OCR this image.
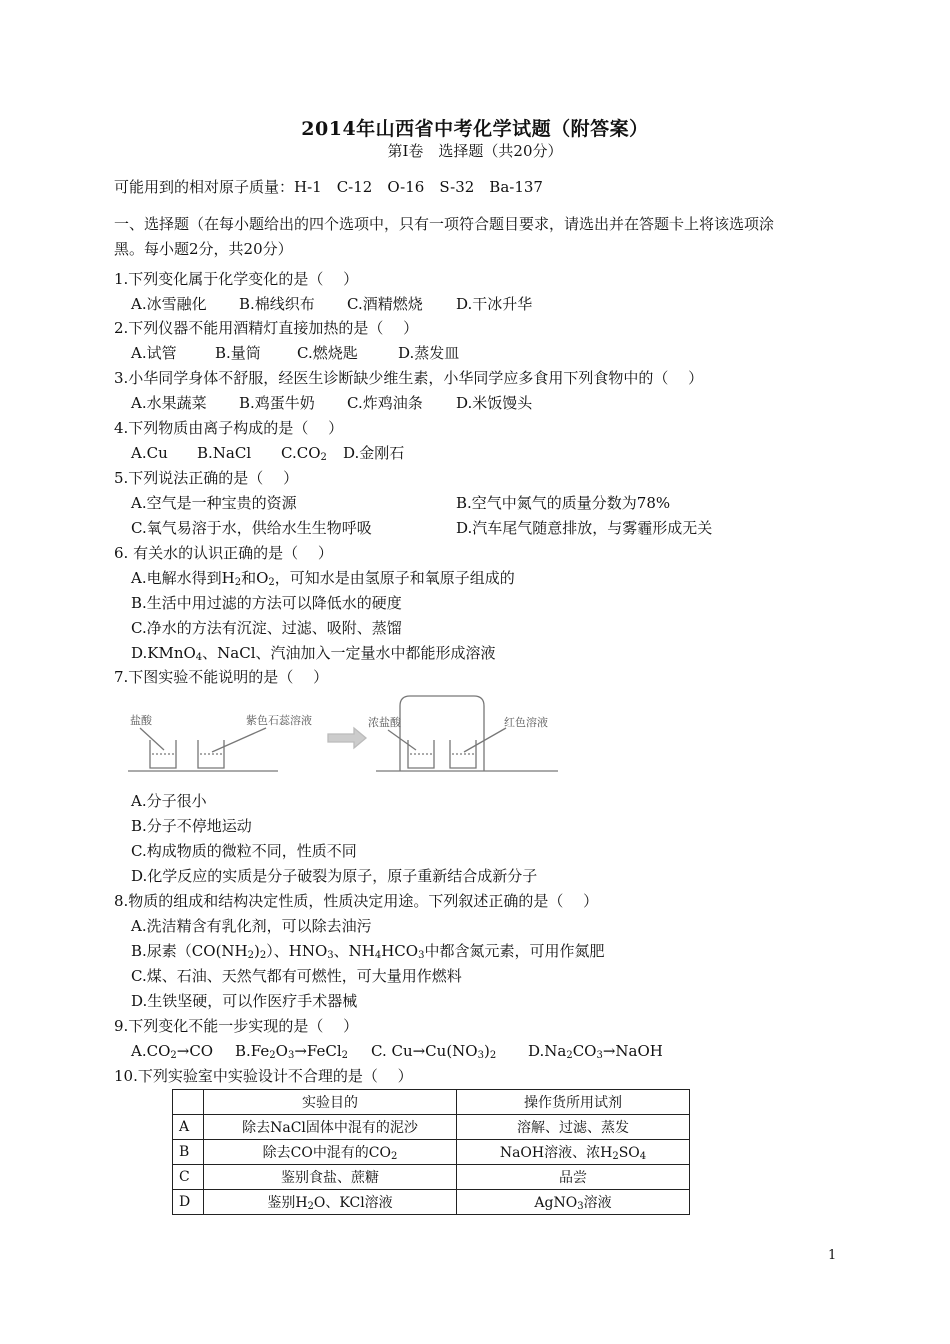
2014年山西省中考化学试题（附答案）
第Ⅰ卷　选择题（共20分）
可能用到的相对原子质量：H-1　C-12　O-16　S-32　Ba-137
一、选择题（在每小题给出的四个选项中，只有一项符合题目要求，请选出并在答题卡上将该选项涂
黑。每小题2分，共20分）
1.下列变化属于化学变化的是（　 ）
A.冰雪融化 B.棉线织布 C.酒精燃烧 D.干冰升华
2.下列仪器不能用酒精灯直接加热的是（　 ）
A.试管	B.量筒 C.燃烧匙	D.蒸发皿
3.小华同学身体不舒服，经医生诊断缺少维生素，小华同学应多食用下列食物中的（　 ）
A.水果蔬菜 B.鸡蛋牛奶 C.炸鸡油条 D.米饭馒头
4.下列物质由离子构成的是（　 ）
A.Cu B.NaCl $C.CO_2$ D.金刚石
5.下列说法正确的是（　 ）
A.空气是一种宝贵的资源	B.空气中氮气的质量分数为78%
C.氧气易溶于水，供给水生生物呼吸	D.汽车尾气随意排放，与雾霾形成无关
6. 有关水的认识正确的是（　 ）
A.电解水得到$H_2$和$O_2$，可知水是由氢原子和氧原子组成的
B.生活中用过滤的方法可以降低水的硬度
C.净水的方法有沉淀、过滤、吸附、蒸馏
D.KMnO$_4$、NaCl、汽油加入一定量水中都能形成溶液
7.下图实验不能说明的是（　 ）
盐酸	紫色石蕊溶液	浓盐酸	红色溶液
A.分子很小
B.分子不停地运动
C.构成物质的微粒不同，性质不同
D.化学反应的实质是分子破裂为原子，原子重新结合成新分子
8.物质的组成和结构决定性质，性质决定用途。下列叙述正确的是（　 ）
A.洗洁精含有乳化剂，可以除去油污
B.尿素$(CO(NH_2)_2)$、$HNO_3$、$NH_4HCO_3$中都含氮元素，可用作氮肥
C.煤、石油、天然气都有可燃性，可大量用作燃料
D.生铁坚硬，可以作医疗手术器械
9.下列变化不能一步实现的是（　 ）
$A.CO_2\to CO$ $B.Fe_2O_3\to FeCl_2$ C. $Cu\to Cu(NO_3)_2$ $D.Na_2CO_3\to NaOH$
10.下列实验室中实验设计不合理的是（　 ）
	实验目的	操作货所用试剂
A	除去NaCl固体中混有的泥沙	溶解、过滤、蒸发
B	除去CO中混有的$CO_2$	NaOH溶液、浓$H_2SO_4$
C	鉴别食盐、蔗糖	品尝
D	鉴别$H_2O$、KCl溶液	AgNO$_3$溶液
1
